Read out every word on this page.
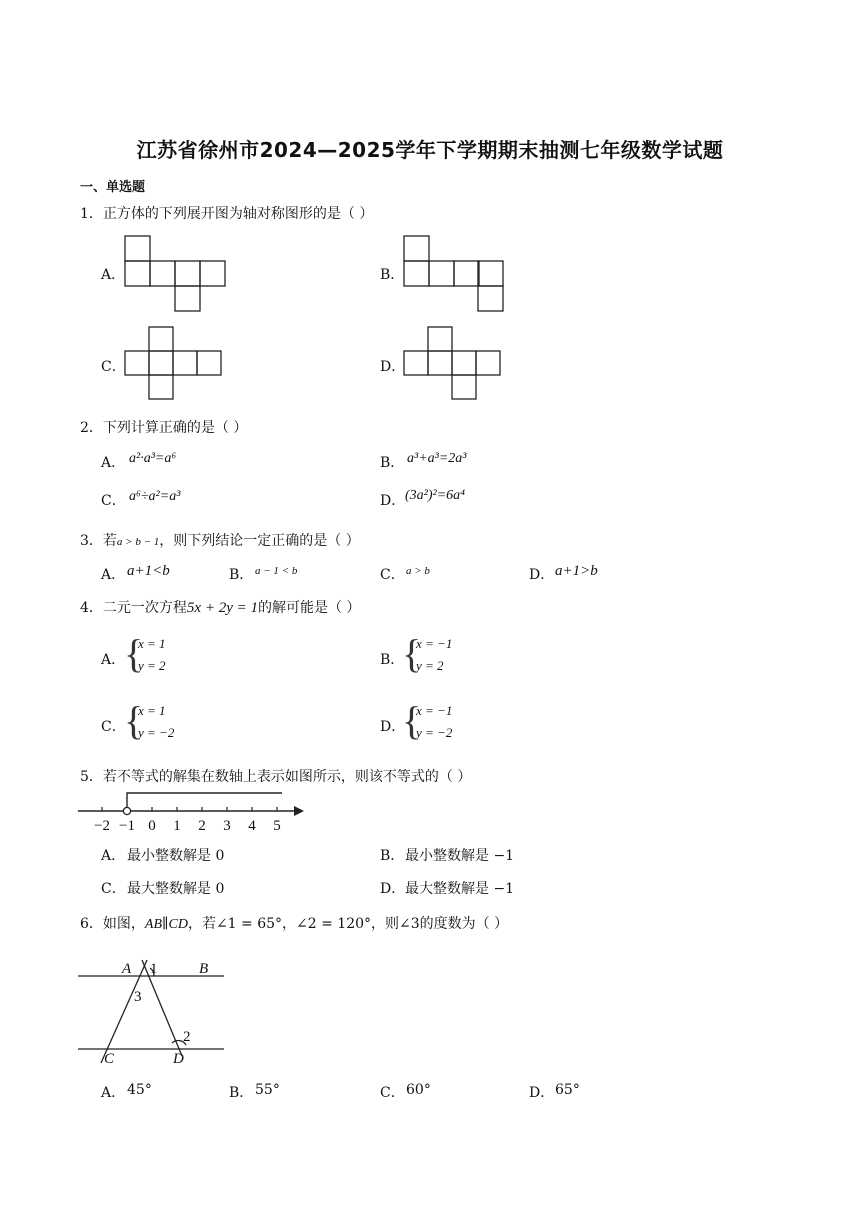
江苏省徐州市2024—2025学年下学期期末抽测七年级数学试题
一、单选题
1．正方体的下列展开图为轴对称图形的是（ ）
A．	B．
C．	D．
2．下列计算正确的是（ ）
A． a²·a³=a⁶	B． a³+a³=2a³
C． a⁶÷a²=a³	D． (3a²)²=6a⁴
3．若a > b − 1，则下列结论一定正确的是（ ）
A． a+1<b	B． a − 1 < b	C． a > b	D． a+1>b
4．二元一次方程5x + 2y = 1的解可能是（ ）
A．
{
x = 1
y = 2	B．
{
x = −1
y = 2
C．
{
x = 1
y = −2	D．
{
x = −1
y = −2
5．若不等式的解集在数轴上表示如图所示，则该不等式的（ ）
−2 −1 0 1 2 3 4 5
A． 最小整数解是 0	B． 最小整数解是 −1
C． 最大整数解是 0	D． 最大整数解是 −1
6．如图，AB∥CD，若∠1 = 65°，∠2 = 120°，则∠3的度数为（ ）
A 1	B
3
2
C	D
A． 45°	B． 55°	C． 60°	D． 65°
